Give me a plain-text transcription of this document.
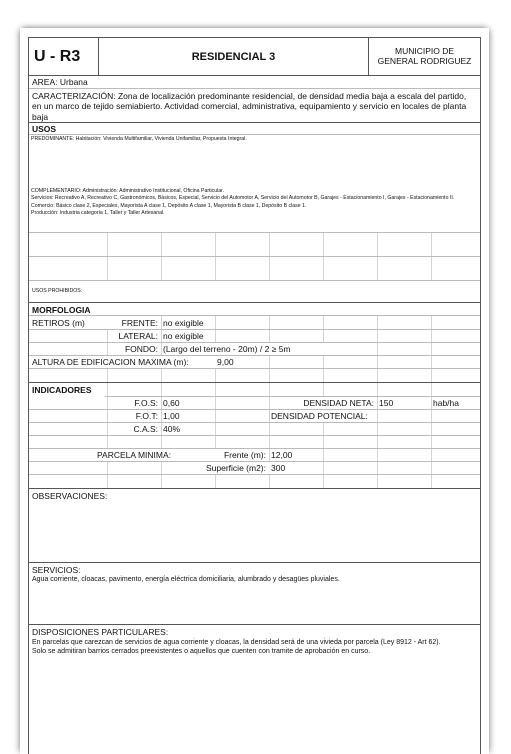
U - R3	RESIDENCIAL 3	MUNICIPIO DE
GENERAL RODRIGUEZ
AREA: Urbana
CARACTERIZACIÓN: Zona de localización predominante residencial, de densidad media baja a escala del partido, en un marco de tejido semiabierto. Actividad comercial, administrativa, equipamiento y servicio en locales de planta baja
USOS
PREDOMINANTE: Habitación: Vivienda Multifamiliar, Vivienda Unifamiliar, Propuesta Integral.
COMPLEMENTARIO: Administración: Administrativo Institucional, Oficina Particular.
Servicios: Recreativo A, Recreativo C, Gastronómicos, Básicos, Especial, Servicio del Automotor A, Servicio del Automotor B, Garajes - Estacionamiento I, Garajes - Estacionamiento II.
Comercio: Básico clase 2, Especiales, Mayorista A clase 1, Depósito A clase 1, Mayorista B clase 1, Depósito B clase 1.
Producción: Industria categoría 1, Taller y Taller Artesanal.
USOS PROHIBIDOS:
MORFOLOGIA
RETIROS (m)	FRENTE: no exigible
LATERAL: no exigible
FONDO: (Largo del terreno - 20m) / 2 ≥ 5m
ALTURA DE EDIFICACION MAXIMA (m):	9,00
INDICADORES
F.O.S: 0,60	DENSIDAD NETA: 150	hab/ha
F.O.T: 1,00	DENSIDAD POTENCIAL:
C.A.S: 40%
PARCELA MINIMA:	Frente (m): 12,00
Superficie (m2): 300
OBSERVACIONES:
SERVICIOS:
Agua corriente, cloacas, pavimento, energía eléctrica domiciliaria, alumbrado y desagües pluviales.
DISPOSICIONES PARTICULARES:
En parcelas que carezcan de servicios de agua corriente y cloacas, la densidad será de una vivieda por parcela (Ley 8912 - Art 62).
Solo se admitiran barrios cerrados preexistentes o aquellos que cuenten con tramite de aprobación en curso.
